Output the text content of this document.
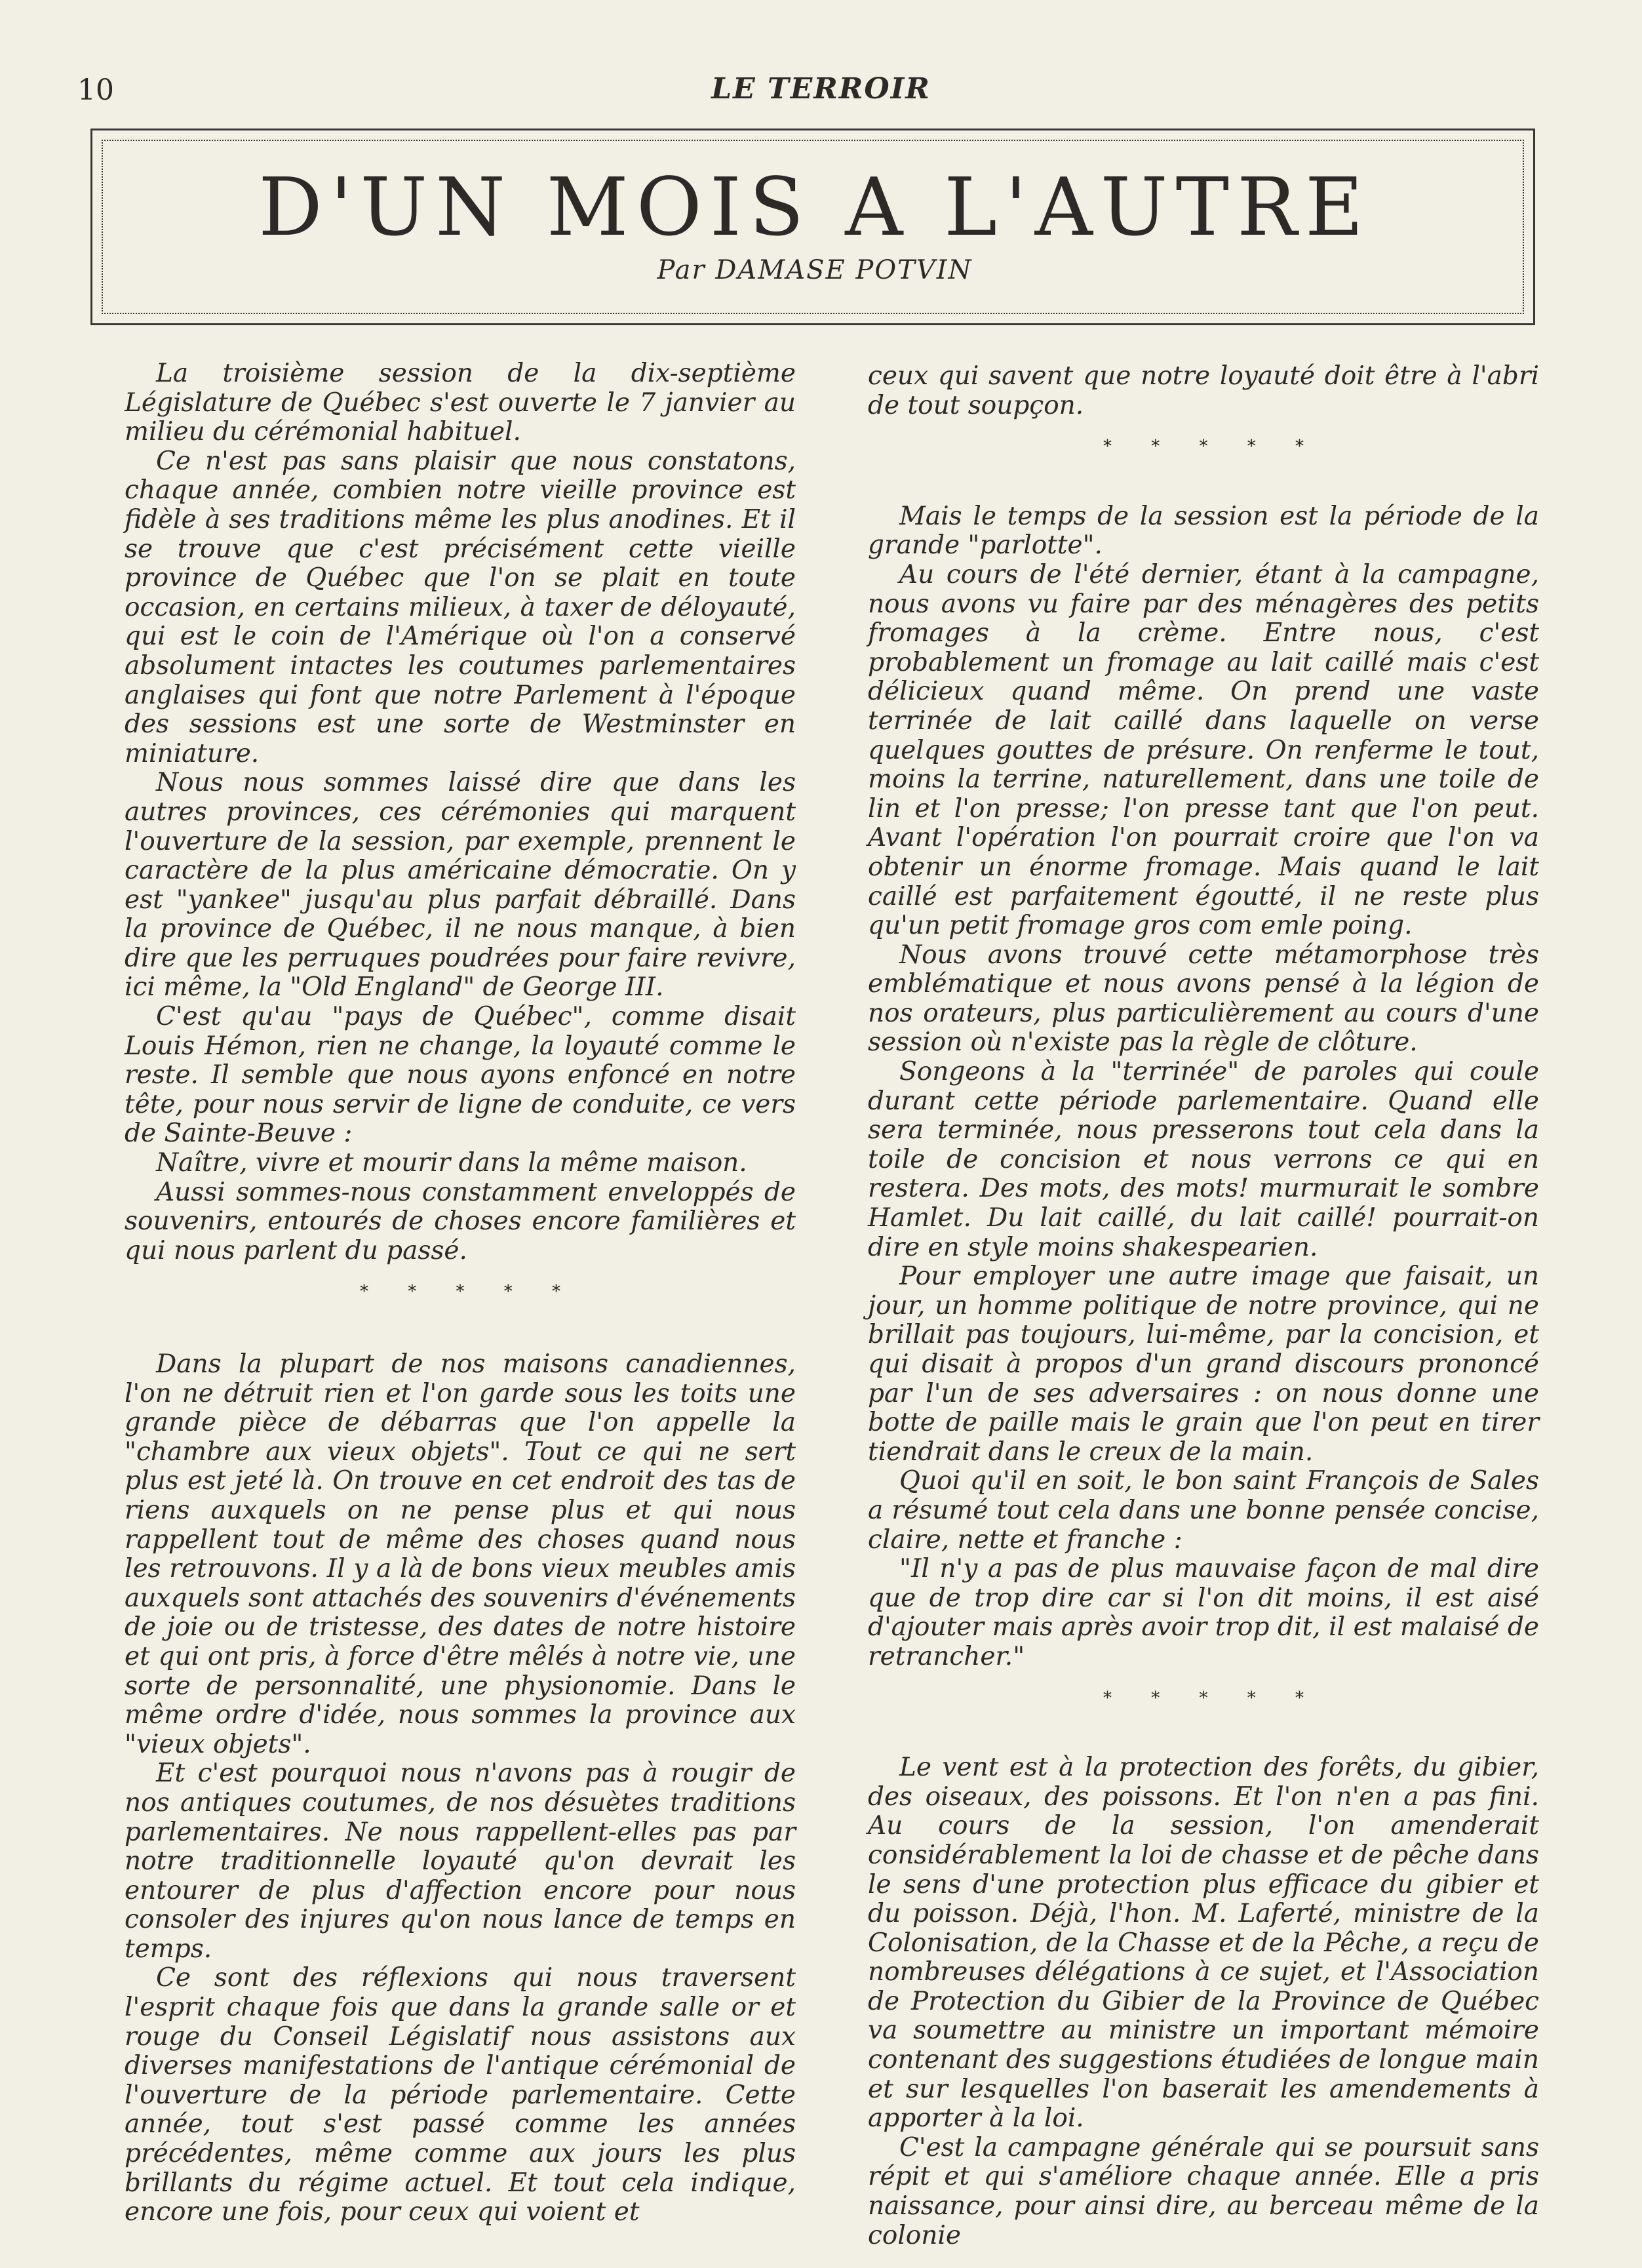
10	LE TERROIR
D'UN MOIS A L'AUTRE
Par DAMASE POTVIN

La troisième session de la dix-septième Législature de Québec s'est ouverte le 7 janvier au milieu du cérémonial habituel.

Ce n'est pas sans plaisir que nous constatons, chaque année, combien notre vieille province est fidèle à ses traditions même les plus anodines. Et il se trouve que c'est précisément cette vieille province de Québec que l'on se plait en toute occasion, en certains milieux, à taxer de déloyauté, qui est le coin de l'Amérique où l'on a conservé absolument intactes les coutumes parlementaires anglaises qui font que notre Parlement à l'époque des sessions est une sorte de Westminster en miniature.

Nous nous sommes laissé dire que dans les autres provinces, ces cérémonies qui marquent l'ouverture de la session, par exemple, prennent le caractère de la plus américaine démocratie. On y est "yankee" jusqu'au plus parfait débraillé. Dans la province de Québec, il ne nous manque, à bien dire que les perruques poudrées pour faire revivre, ici même, la "Old England" de George III.

C'est qu'au "pays de Québec", comme disait Louis Hémon, rien ne change, la loyauté comme le reste. Il semble que nous ayons enfoncé en notre tête, pour nous servir de ligne de conduite, ce vers de Sainte-Beuve :

Naître, vivre et mourir dans la même maison.

Aussi sommes-nous constamment enveloppés de souvenirs, entourés de choses encore familières et qui nous parlent du passé.

* * * * *

Dans la plupart de nos maisons canadiennes, l'on ne détruit rien et l'on garde sous les toits une grande pièce de débarras que l'on appelle la "chambre aux vieux objets". Tout ce qui ne sert plus est jeté là. On trouve en cet endroit des tas de riens auxquels on ne pense plus et qui nous rappellent tout de même des choses quand nous les retrouvons. Il y a là de bons vieux meubles amis auxquels sont attachés des souvenirs d'événements de joie ou de tristesse, des dates de notre histoire et qui ont pris, à force d'être mêlés à notre vie, une sorte de personnalité, une physionomie. Dans le même ordre d'idée, nous sommes la province aux "vieux objets".

Et c'est pourquoi nous n'avons pas à rougir de nos antiques coutumes, de nos désuètes traditions parlementaires. Ne nous rappellent-elles pas par notre traditionnelle loyauté qu'on devrait les entourer de plus d'affection encore pour nous consoler des injures qu'on nous lance de temps en temps.

Ce sont des réflexions qui nous traversent l'esprit chaque fois que dans la grande salle or et rouge du Conseil Législatif nous assistons aux diverses manifestations de l'antique cérémonial de l'ouverture de la période parlementaire. Cette année, tout s'est passé comme les années précédentes, même comme aux jours les plus brillants du régime actuel. Et tout cela indique, encore une fois, pour ceux qui voient et

ceux qui savent que notre loyauté doit être à l'abri de tout soupçon.

* * * * *

Mais le temps de la session est la période de la grande "parlotte".

Au cours de l'été dernier, étant à la campagne, nous avons vu faire par des ménagères des petits fromages à la crème. Entre nous, c'est probablement un fromage au lait caillé mais c'est délicieux quand même. On prend une vaste terrinée de lait caillé dans laquelle on verse quelques gouttes de présure. On renferme le tout, moins la terrine, naturellement, dans une toile de lin et l'on presse; l'on presse tant que l'on peut. Avant l'opération l'on pourrait croire que l'on va obtenir un énorme fromage. Mais quand le lait caillé est parfaitement égoutté, il ne reste plus qu'un petit fromage gros com emle poing.

Nous avons trouvé cette métamorphose très emblématique et nous avons pensé à la légion de nos orateurs, plus particulièrement au cours d'une session où n'existe pas la règle de clôture.

Songeons à la "terrinée" de paroles qui coule durant cette période parlementaire. Quand elle sera terminée, nous presserons tout cela dans la toile de concision et nous verrons ce qui en restera. Des mots, des mots! murmurait le sombre Hamlet. Du lait caillé, du lait caillé! pourrait-on dire en style moins shakespearien.

Pour employer une autre image que faisait, un jour, un homme politique de notre province, qui ne brillait pas toujours, lui-même, par la concision, et qui disait à propos d'un grand discours prononcé par l'un de ses adversaires : on nous donne une botte de paille mais le grain que l'on peut en tirer tiendrait dans le creux de la main.

Quoi qu'il en soit, le bon saint François de Sales a résumé tout cela dans une bonne pensée concise, claire, nette et franche :

"Il n'y a pas de plus mauvaise façon de mal dire que de trop dire car si l'on dit moins, il est aisé d'ajouter mais après avoir trop dit, il est malaisé de retrancher."

* * * * *

Le vent est à la protection des forêts, du gibier, des oiseaux, des poissons. Et l'on n'en a pas fini. Au cours de la session, l'on amenderait considérablement la loi de chasse et de pêche dans le sens d'une protection plus efficace du gibier et du poisson. Déjà, l'hon. M. Laferté, ministre de la Colonisation, de la Chasse et de la Pêche, a reçu de nombreuses délégations à ce sujet, et l'Association de Protection du Gibier de la Province de Québec va soumettre au ministre un important mémoire contenant des suggestions étudiées de longue main et sur lesquelles l'on baserait les amendements à apporter à la loi.

C'est la campagne générale qui se poursuit sans répit et qui s'améliore chaque année. Elle a pris naissance, pour ainsi dire, au berceau même de la colonie
